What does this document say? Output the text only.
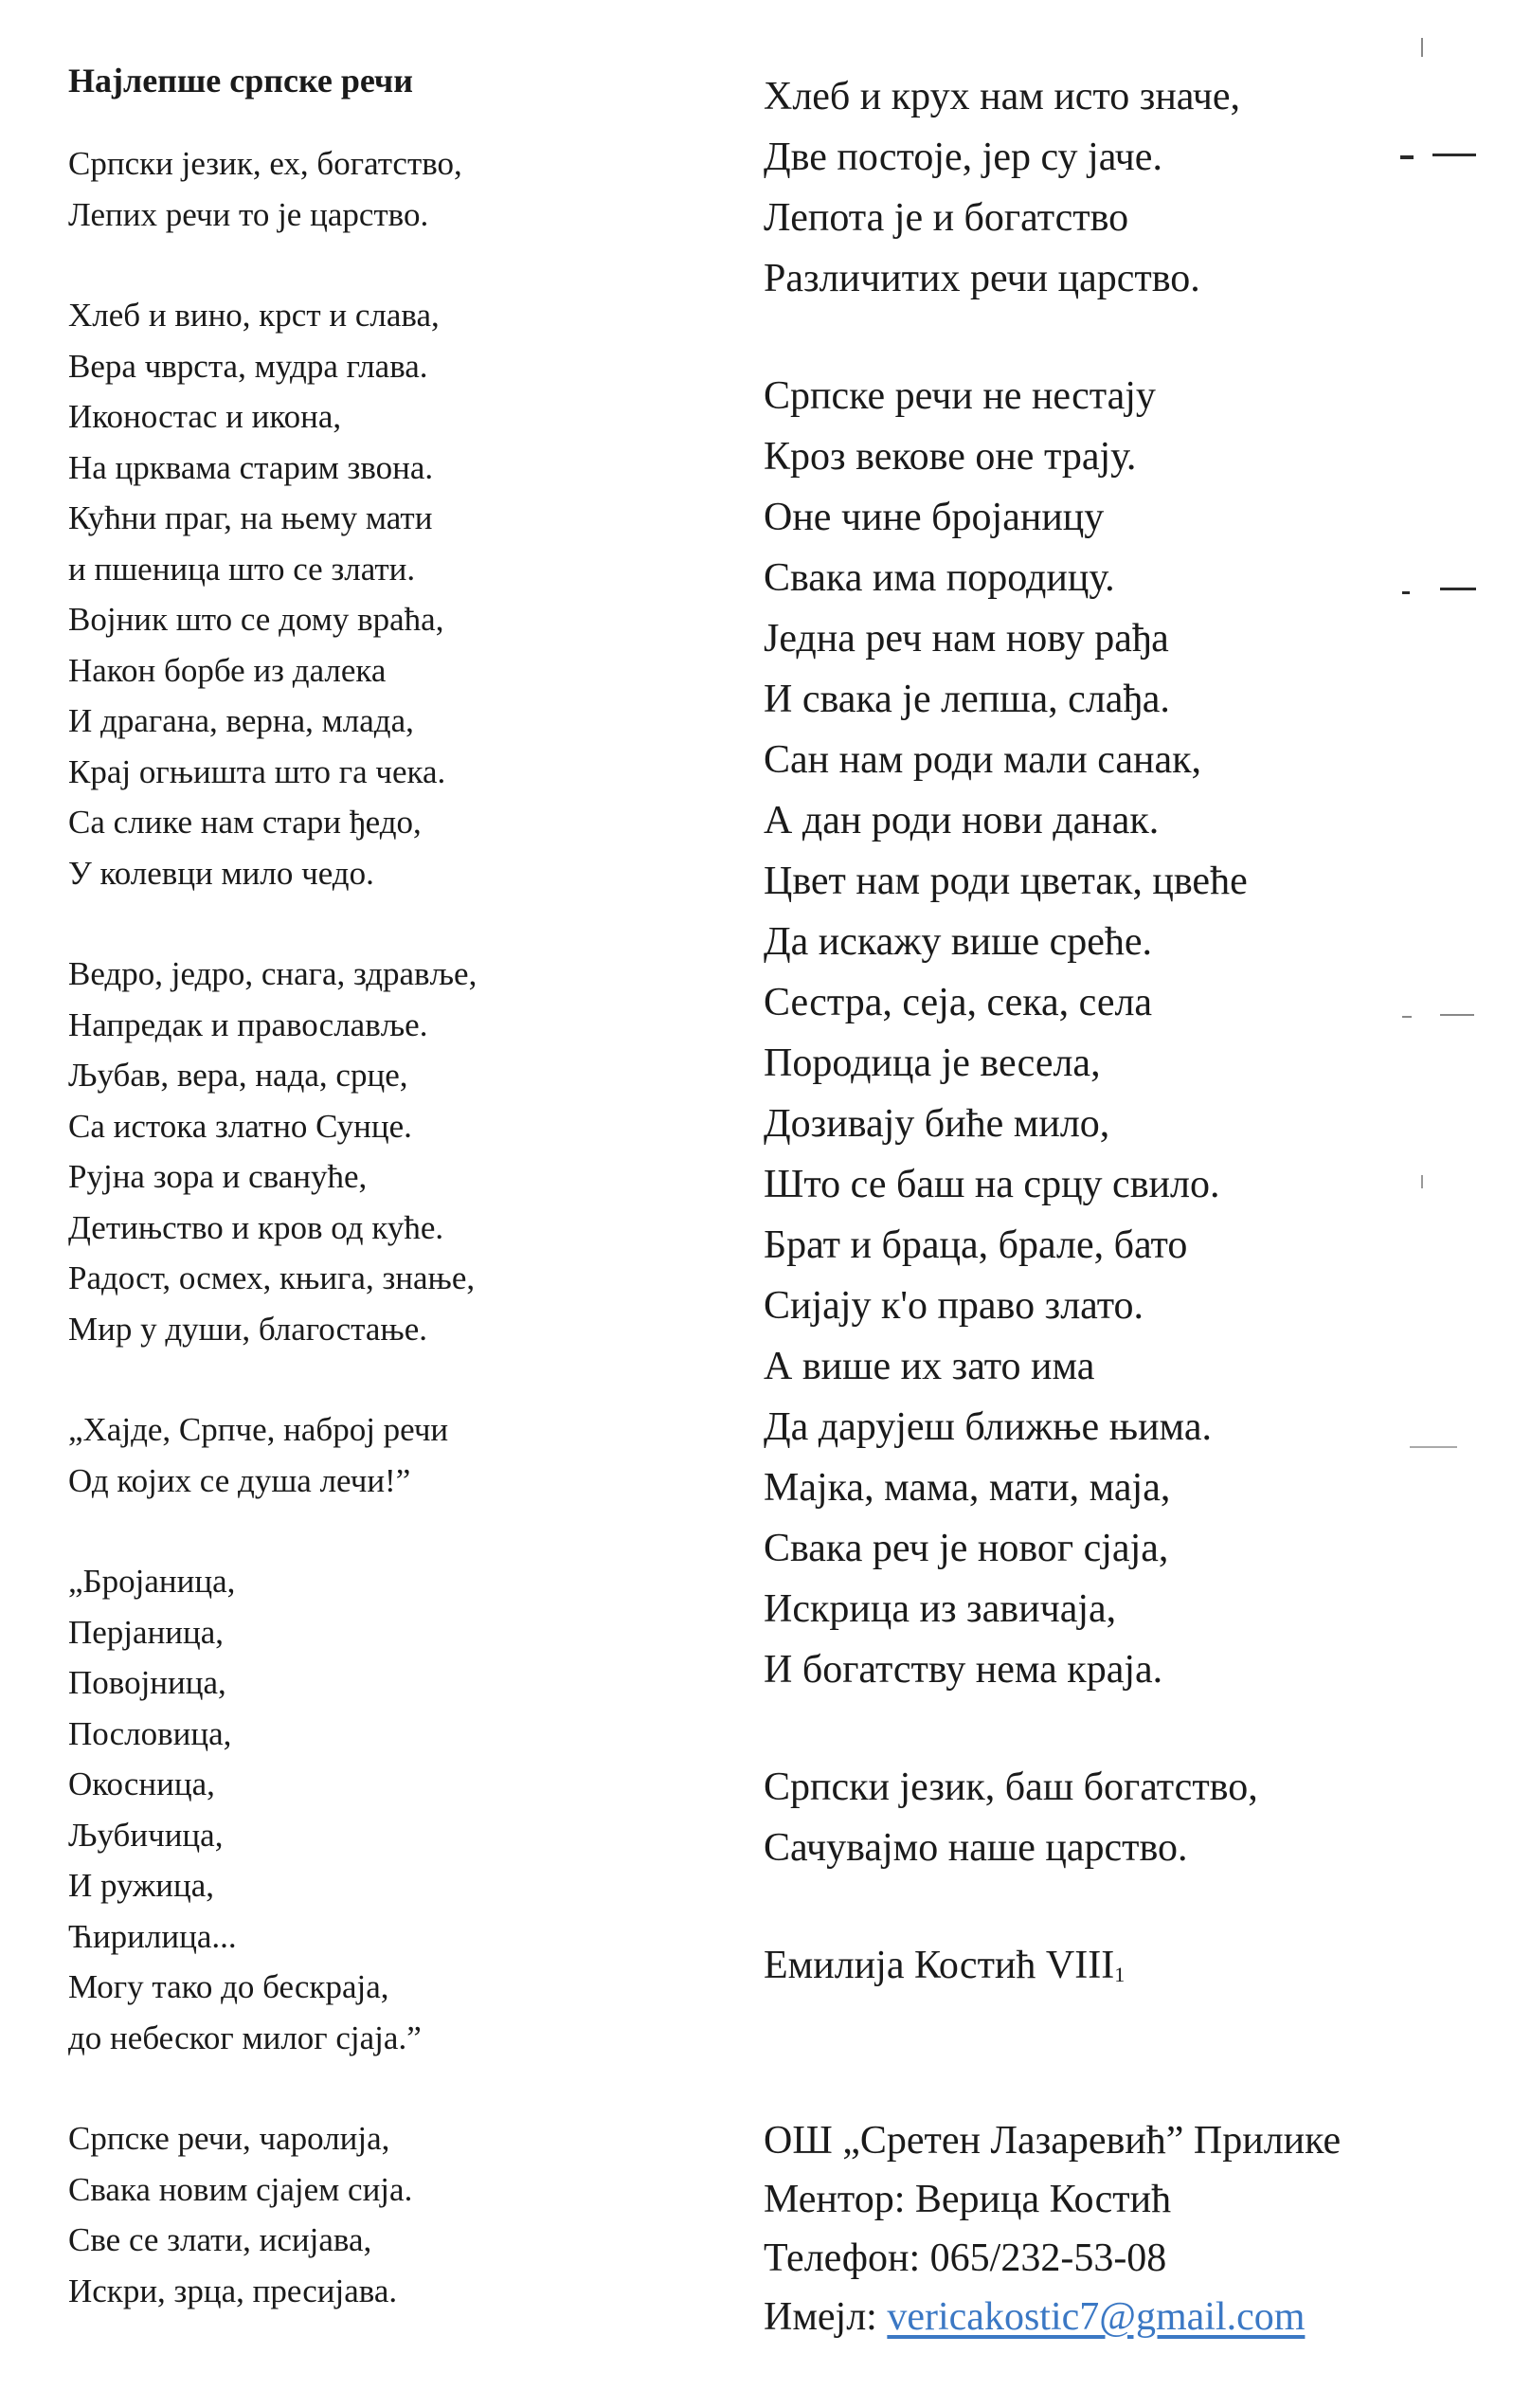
Најлепше српске речи
Српски језик, ех, богатство,
Лепих речи то је царство.
Хлеб и вино, крст и слава,
Вера чврста, мудра глава.
Иконостас и икона,
На црквама старим звона.
Кућни праг, на њему мати
и пшеница што се злати.
Војник што се дому враћа,
Након борбе из далека
И драгана, верна, млада,
Крај огњишта што га чека.
Са слике нам стари ђедо,
У колевци мило чедо.
Ведро, једро, снага, здравље,
Напредак и православље.
Љубав, вера, нада, срце,
Са истока златно Сунце.
Рујна зора и свануће,
Детињство и кров од куће.
Радост, осмех, књига, знање,
Мир у души, благостање.
„Хајде, Српче, наброј речи
Од којих се душа лечи!”
„Бројаница,
Перјаница,
Повојница,
Пословица,
Окосница,
Љубичица,
И ружица,
Ћирилица...
Могу тако до бескраја,
до небеског милог сјаја.”
Српске речи, чаролија,
Свака новим сјајем сија.
Све се злати, исијава,
Искри, зрца, пресијава.
Хлеб и крух нам исто значе,
Две постоје, јер су јаче.
Лепота је и богатство
Различитих речи царство.
Српске речи не нестају
Кроз векове оне трају.
Оне чине бројаницу
Свака има породицу.
Једна реч нам нову рађа
И свака је лепша, слађа.
Сан нам роди мали санак,
А дан роди нови данак.
Цвет нам роди цветак, цвеће
Да искажу више среће.
Сестра, сеја, сека, села
Породица је весела,
Дозивају биће мило,
Што се баш на срцу свило.
Брат и браца, брале, бато
Сијају к'о право злато.
А више их зато има
Да дарујеш ближње њима.
Мајка, мама, мати, маја,
Свака реч је новог сјаја,
Искрица из завичаја,
И богатству нема краја.
Српски језик, баш богатство,
Сачувајмо наше царство.
Емилија Костић $VIII_1$
ОШ „Сретен Лазаревић” Прилике
Ментор: Верица Костић
Телефон: 065/232-53-08
Имејл: vericakostic7@gmail.com
